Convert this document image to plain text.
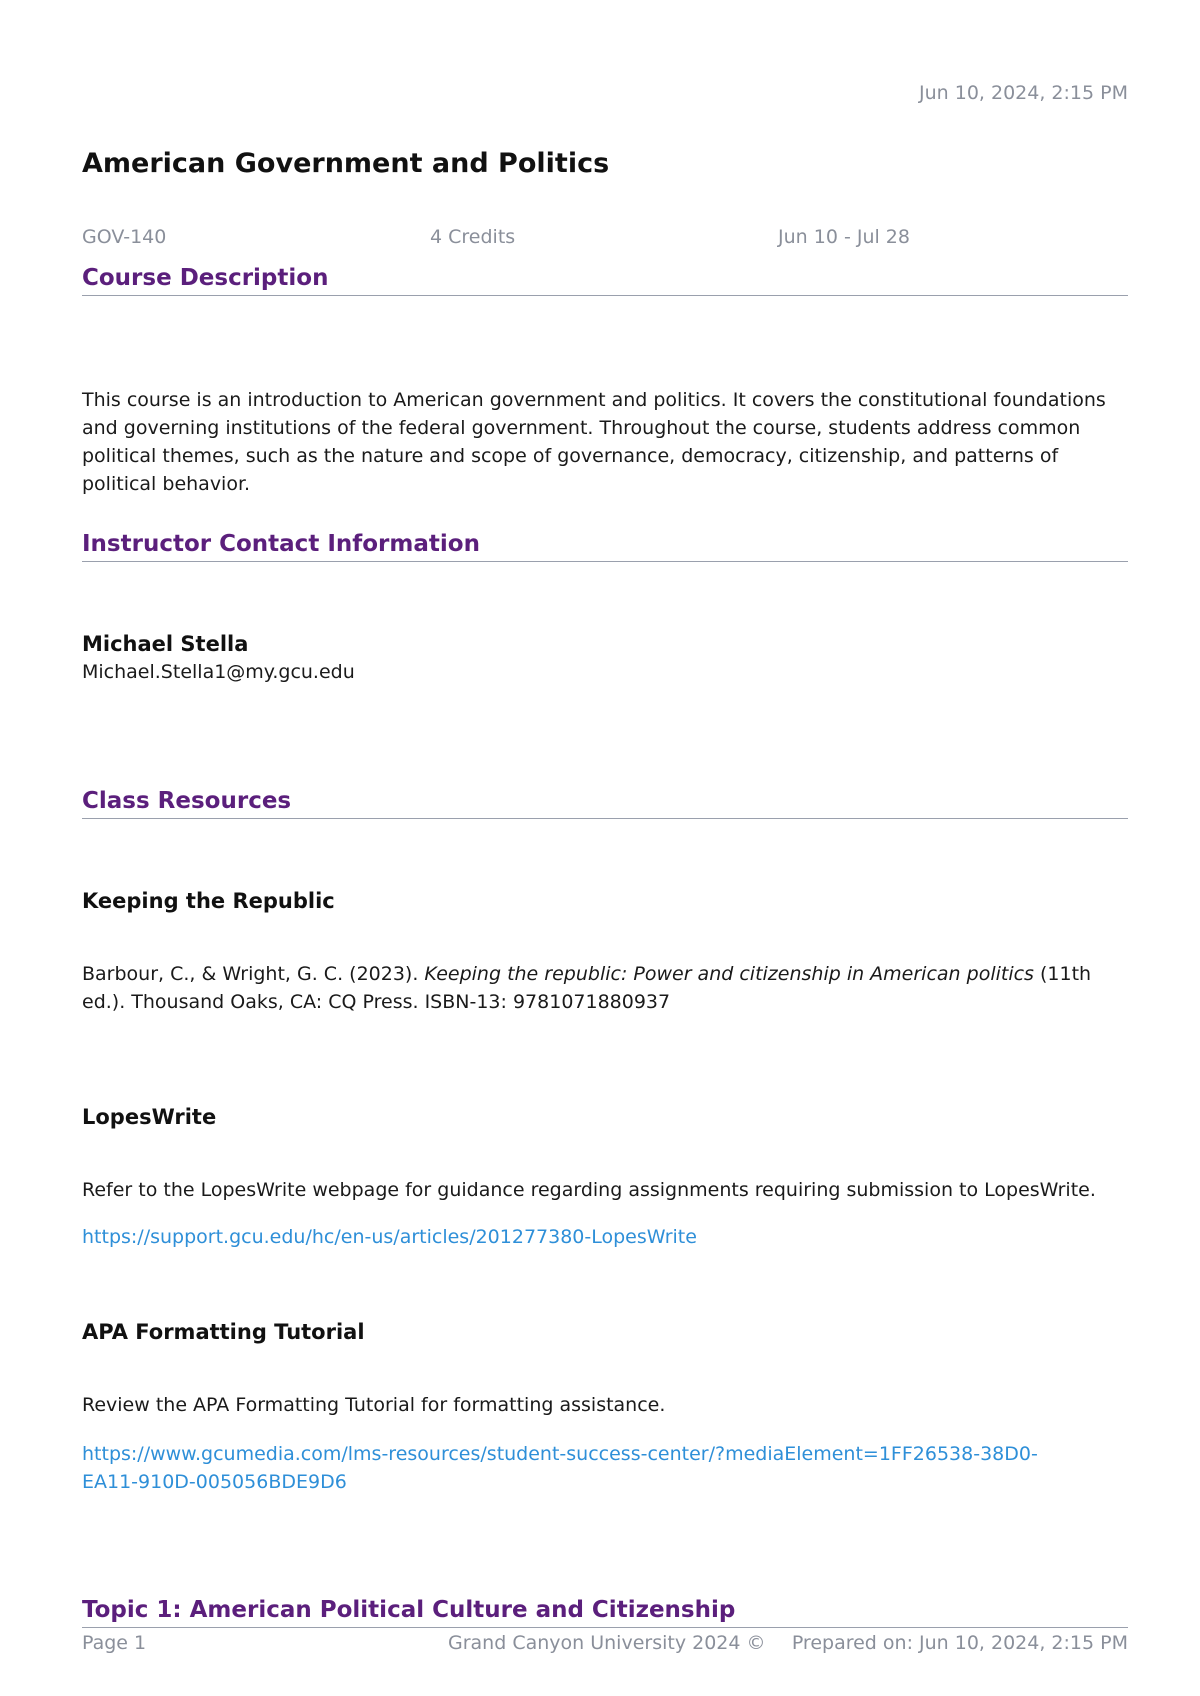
Jun 10, 2024, 2:15 PM
American Government and Politics
GOV-140	4 Credits	Jun 10 - Jul 28
Course Description

This course is an introduction to American government and politics. It covers the constitutional foundations and governing institutions of the federal government. Throughout the course, students address common political themes, such as the nature and scope of governance, democracy, citizenship, and patterns of political behavior.

Instructor Contact Information
Michael Stella
Michael.Stella1@my.gcu.edu
Class Resources
Keeping the Republic

Barbour, C., & Wright, G. C. (2023). Keeping the republic: Power and citizenship in American politics (11th ed.). Thousand Oaks, CA: CQ Press. ISBN-13: 9781071880937

LopesWrite

Refer to the LopesWrite webpage for guidance regarding assignments requiring submission to LopesWrite.

https://support.gcu.edu/hc/en-us/articles/201277380-LopesWrite
APA Formatting Tutorial

Review the APA Formatting Tutorial for formatting assistance.

https://www.gcumedia.com/lms-resources/student-success-center/?mediaElement=1FF26538-38D0-EA11-910D-005056BDE9D6
Topic 1: American Political Culture and Citizenship
Page 1	Grand Canyon University 2024 © Prepared on: Jun 10, 2024, 2:15 PM
